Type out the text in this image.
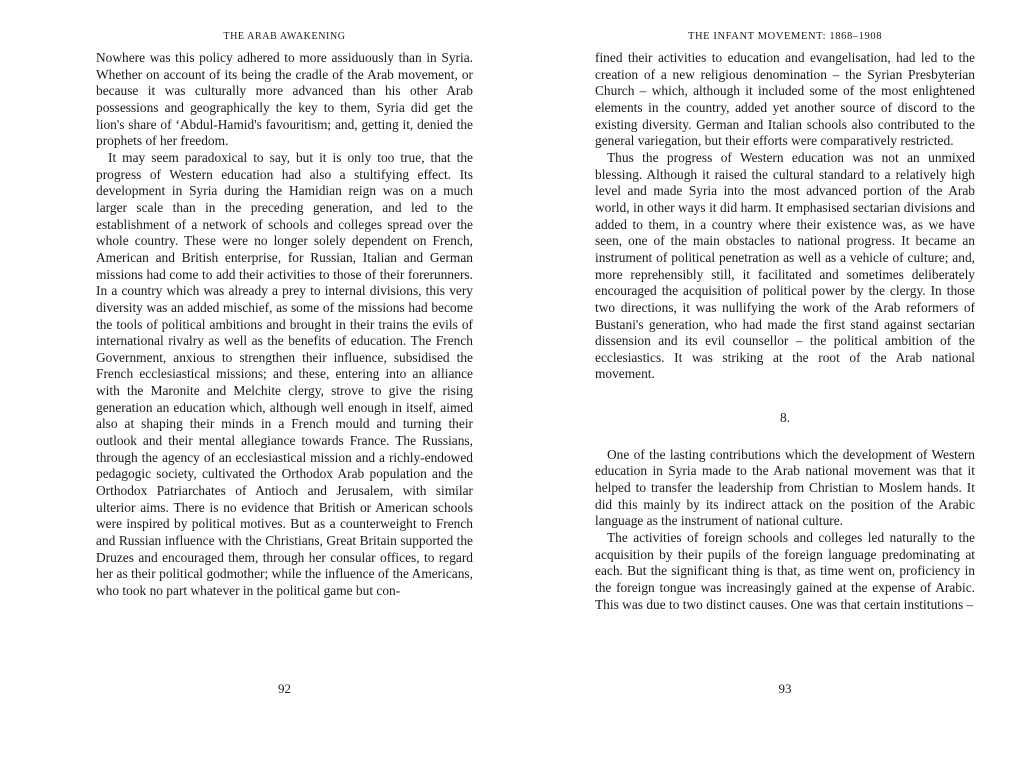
THE ARAB AWAKENING

Nowhere was this policy adhered to more assiduously than in Syria. Whether on account of its being the cradle of the Arab movement, or because it was culturally more advanced than his other Arab possessions and geographically the key to them, Syria did get the lion's share of ‘Abdul-Hamid's favouritism; and, getting it, denied the prophets of her freedom.

It may seem paradoxical to say, but it is only too true, that the progress of Western education had also a stultifying effect. Its development in Syria during the Hamidian reign was on a much larger scale than in the preceding generation, and led to the establishment of a network of schools and colleges spread over the whole country. These were no longer solely dependent on French, American and British enterprise, for Russian, Italian and German missions had come to add their activities to those of their forerunners. In a country which was already a prey to internal divisions, this very diversity was an added mischief, as some of the missions had become the tools of political ambitions and brought in their trains the evils of international rivalry as well as the benefits of education. The French Government, anxious to strengthen their influence, subsidised the French ecclesiastical missions; and these, entering into an alliance with the Maronite and Melchite clergy, strove to give the rising generation an education which, although well enough in itself, aimed also at shaping their minds in a French mould and turning their outlook and their mental allegiance towards France. The Russians, through the agency of an ecclesiastical mission and a richly-endowed pedagogic society, cultivated the Orthodox Arab population and the Orthodox Patriarchates of Antioch and Jerusalem, with similar ulterior aims. There is no evidence that British or American schools were inspired by political motives. But as a counterweight to French and Russian influence with the Christians, Great Britain supported the Druzes and encouraged them, through her consular offices, to regard her as their political godmother; while the influence of the Americans, who took no part whatever in the political game but con-

92
THE INFANT MOVEMENT: 1868–1908

fined their activities to education and evangelisation, had led to the creation of a new religious denomination – the Syrian Presbyterian Church – which, although it included some of the most enlightened elements in the country, added yet another source of discord to the existing diversity. German and Italian schools also contributed to the general variegation, but their efforts were comparatively restricted.

Thus the progress of Western education was not an unmixed blessing. Although it raised the cultural standard to a relatively high level and made Syria into the most advanced portion of the Arab world, in other ways it did harm. It emphasised sectarian divisions and added to them, in a country where their existence was, as we have seen, one of the main obstacles to national progress. It became an instrument of political penetration as well as a vehicle of culture; and, more reprehensibly still, it facilitated and sometimes deliberately encouraged the acquisition of political power by the clergy. In those two directions, it was nullifying the work of the Arab reformers of Bustani's generation, who had made the first stand against sectarian dissension and its evil counsellor – the political ambition of the ecclesiastics. It was striking at the root of the Arab national movement.

8.

One of the lasting contributions which the development of Western education in Syria made to the Arab national movement was that it helped to transfer the leadership from Christian to Moslem hands. It did this mainly by its indirect attack on the position of the Arabic language as the instrument of national culture.

The activities of foreign schools and colleges led naturally to the acquisition by their pupils of the foreign language predominating at each. But the significant thing is that, as time went on, proficiency in the foreign tongue was increasingly gained at the expense of Arabic. This was due to two distinct causes. One was that certain institutions –

93
